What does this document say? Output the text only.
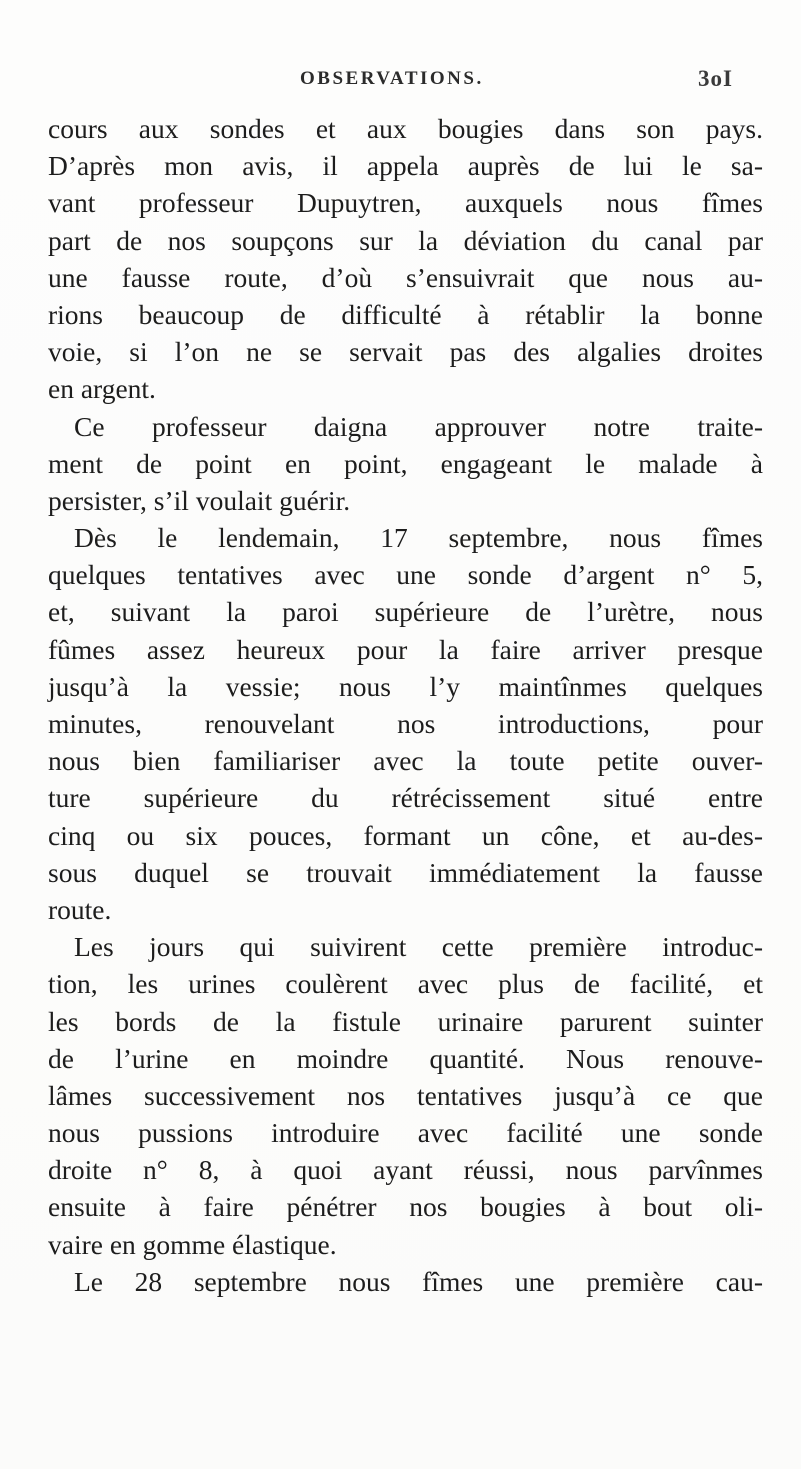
OBSERVATIONS.	3oI
cours aux sondes et aux bougies dans son pays.
D’après mon avis, il appela auprès de lui le sa-
vant professeur Dupuytren, auxquels nous fîmes
part de nos soupçons sur la déviation du canal par
une fausse route, d’où s’ensuivrait que nous au-
rions beaucoup de difficulté à rétablir la bonne
voie, si l’on ne se servait pas des algalies droites
en argent.
Ce professeur daigna approuver notre traite-
ment de point en point, engageant le malade à
persister, s’il voulait guérir.
Dès le lendemain, 17 septembre, nous fîmes
quelques tentatives avec une sonde d’argent n° 5,
et, suivant la paroi supérieure de l’urètre, nous
fûmes assez heureux pour la faire arriver presque
jusqu’à la vessie; nous l’y maintînmes quelques
minutes, renouvelant nos introductions, pour
nous bien familiariser avec la toute petite ouver-
ture supérieure du rétrécissement situé entre
cinq ou six pouces, formant un cône, et au-des-
sous duquel se trouvait immédiatement la fausse
route.
Les jours qui suivirent cette première introduc-
tion, les urines coulèrent avec plus de facilité, et
les bords de la fistule urinaire parurent suinter
de l’urine en moindre quantité. Nous renouve-
lâmes successivement nos tentatives jusqu’à ce que
nous pussions introduire avec facilité une sonde
droite n° 8, à quoi ayant réussi, nous parvînmes
ensuite à faire pénétrer nos bougies à bout oli-
vaire en gomme élastique.
Le 28 septembre nous fîmes une première cau-
